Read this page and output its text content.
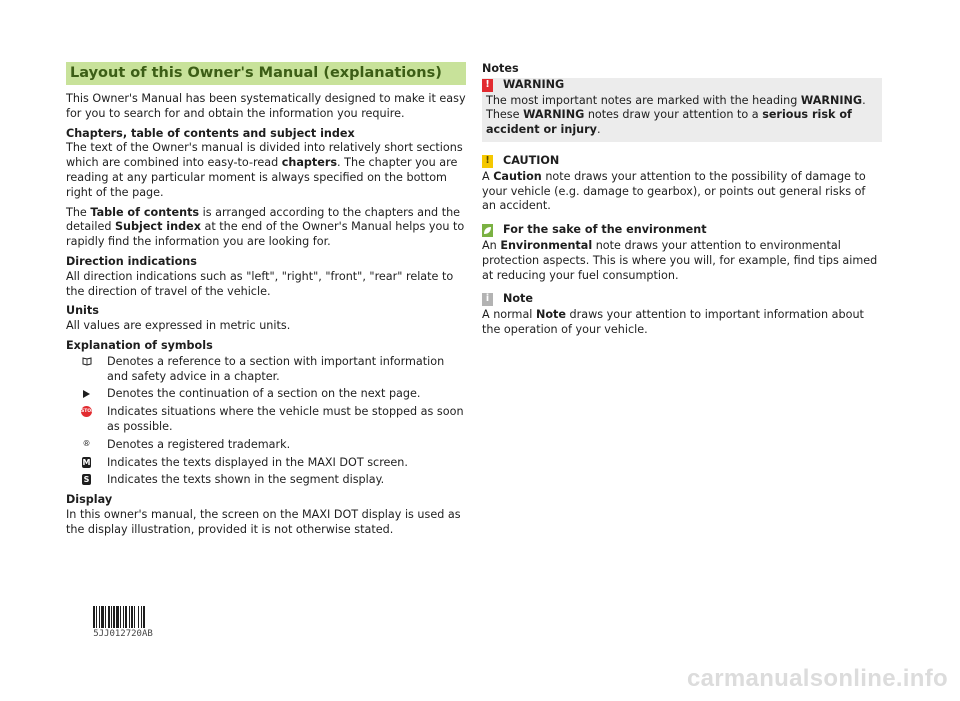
Layout of this Owner's Manual (explanations)

This Owner's Manual has been systematically designed to make it easy for you to search for and obtain the information you require.

Chapters, table of contents and subject index

The text of the Owner's manual is divided into relatively short sections which are combined into easy-to-read chapters. The chapter you are reading at any particular moment is always specified on the bottom right of the page.

The Table of contents is arranged according to the chapters and the detailed Subject index at the end of the Owner's Manual helps you to rapidly find the information you are looking for.

Direction indications

All direction indications such as "left", "right", "front", "rear" relate to the direction of travel of the vehicle.

Units

All values are expressed in metric units.

Explanation of symbols
Denotes a reference to a section with important information and safety advice in a chapter.
Denotes the continuation of a section on the next page.
STOP Indicates situations where the vehicle must be stopped as soon as possible.
® Denotes a registered trademark.
M Indicates the texts displayed in the MAXI DOT screen.
S Indicates the texts shown in the segment display.
Display

In this owner's manual, the screen on the MAXI DOT display is used as the display illustration, provided it is not otherwise stated.

Notes
! WARNING

The most important notes are marked with the heading WARNING. These WARNING notes draw your attention to a serious risk of accident or injury.

! CAUTION

A Caution note draws your attention to the possibility of damage to your vehicle (e.g. damage to gearbox), or points out general risks of an accident.

For the sake of the environment

An Environmental note draws your attention to environmental protection aspects. This is where you will, for example, find tips aimed at reducing your fuel consumption.

i	Note

A normal Note draws your attention to important information about the operation of your vehicle.

5JJ012720AB
carmanualsonline.info
